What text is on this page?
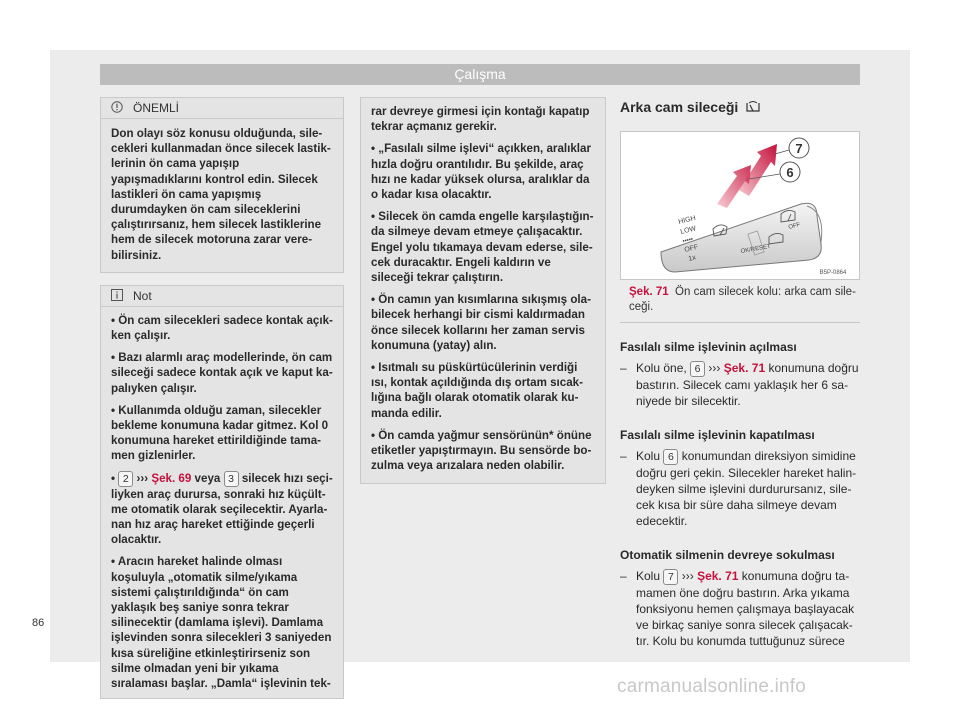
Çalışma
ÖNEMLİ
Don olayı söz konusu olduğunda, silecekleri kullanmadan önce silecek lastiklerinin ön cama yapışıp yapışmadıklarını kontrol edin. Silecek lastikleri ön cama yapışmış durumdayken ön cam sileceklerini çalıştırırsanız, hem silecek lastiklerine hem de silecek motoruna zarar verebilirsiniz.
Not

• Ön cam silecekleri sadece kontak açıkken çalışır.

• Bazı alarmlı araç modellerinde, ön cam sileceği sadece kontak açık ve kaput kapalıyken çalışır.

• Kullanımda olduğu zaman, silecekler bekleme konumuna kadar gitmez. Kol 0 konumuna hareket ettirildiğinde tamamen gizlenirler.

• 2 ››› Şek. 69 veya 3 silecek hızı seçiliyken araç durursa, sonraki hız küçültme otomatik olarak seçilecektir. Ayarlanan hız araç hareket ettiğinde geçerli olacaktır.

• Aracın hareket halinde olması koşuluyla „otomatik silme/yıkama sistemi çalıştırıldığında“ ön cam yaklaşık beş saniye sonra tekrar silinecektir (damlama işlevi). Damlama işlevinden sonra silecekleri 3 saniyeden kısa süreliğine etkinleştirirseniz son silme olmadan yeni bir yıkama sıralaması başlar. „Damla“ işlevinin tek-

rar devreye girmesi için kontağı kapatıp tekrar açmanız gerekir.

• „Fasılalı silme işlevi“ açıkken, aralıklar hızla doğru orantılıdır. Bu şekilde, araç hızı ne kadar yüksek olursa, aralıklar da o kadar kısa olacaktır.

• Silecek ön camda engelle karşılaştığında silmeye devam etmeye çalışacaktır. Engel yolu tıkamaya devam ederse, silecek duracaktır. Engeli kaldırın ve sileceği tekrar çalıştırın.

• Ön camın yan kısımlarına sıkışmış olabilecek herhangi bir cismi kaldırmadan önce silecek kollarını her zaman servis konumuna (yatay) alın.

• Isıtmalı su püskürtücülerinin verdiği ısı, kontak açıldığında dış ortam sıcaklığına bağlı olarak otomatik olarak kumanda edilir.

• Ön camda yağmur sensörünün* önüne etiketler yapıştırmayın. Bu sensörde bozulma veya arızalara neden olabilir.

Arka cam sileceği
7
6
HIGH
LOW
▪▪▪▪▪
OFF
1x
OK/RESET
OFF
B5P-0864
Şek. 71 Ön cam silecek kolu: arka cam sileceği.
Fasılalı silme işlevinin açılması

– Kolu öne, 6 ››› Şek. 71 konumuna doğru bastırın. Silecek camı yaklaşık her 6 saniyede bir silecektir.

Fasılalı silme işlevinin kapatılması

– Kolu 6 konumundan direksiyon simidine doğru geri çekin. Silecekler hareket halindeyken silme işlevini durdurursanız, silecek kısa bir süre daha silmeye devam edecektir.

Otomatik silmenin devreye sokulması

– Kolu 7 ››› Şek. 71 konumuna doğru tamamen öne doğru bastırın. Arka yıkama fonksiyonu hemen çalışmaya başlayacak ve birkaç saniye sonra silecek çalışacaktır. Kolu bu konumda tuttuğunuz sürece

86
carmanualsonline.info
